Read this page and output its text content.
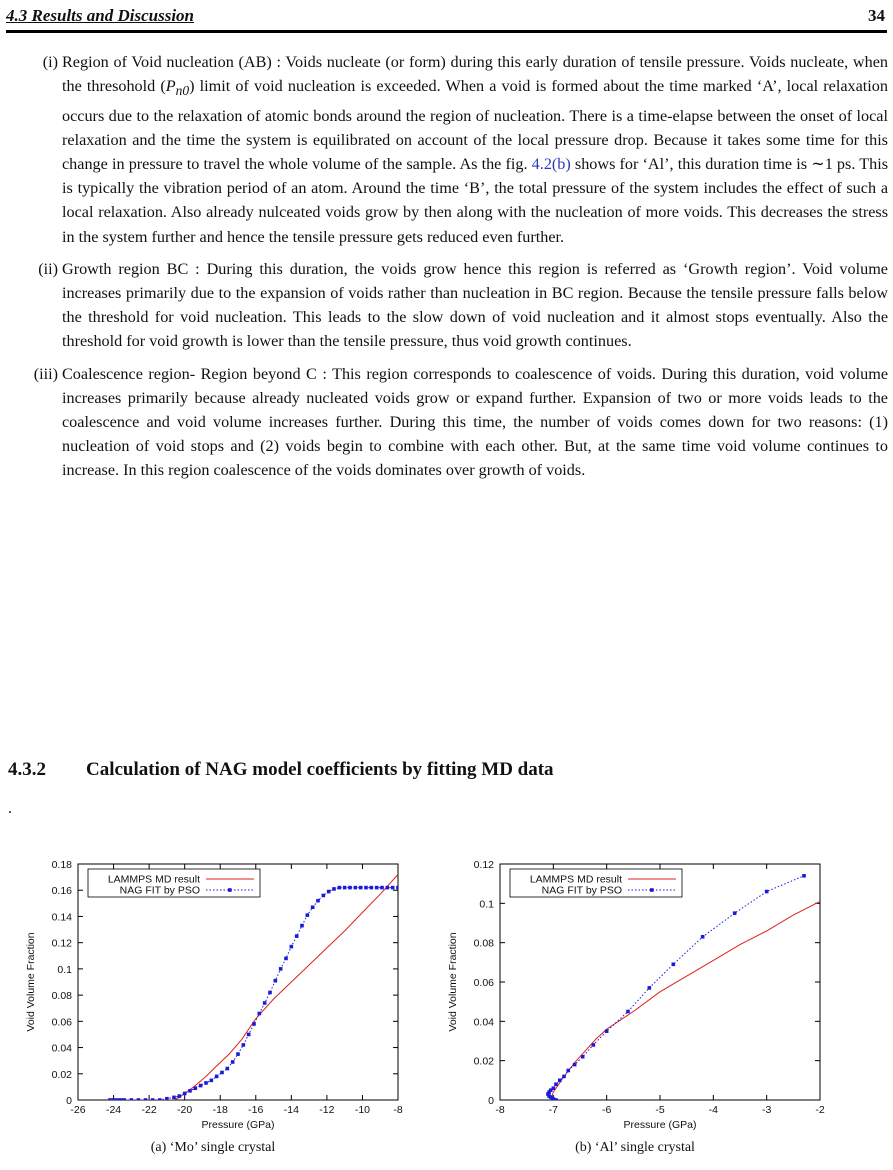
4.3 Results and Discussion	34
(i) Region of Void nucleation (AB) : Voids nucleate (or form) during this early duration of tensile pressure. Voids nucleate, when the thresohold $(P_{n0})$ limit of void nucleation is exceeded. When a void is formed about the time marked ‘A’, local relaxation occurs due to the relaxation of atomic bonds around the region of nucleation. There is a time-elapse between the onset of local relaxation and the time the system is equilibrated on account of the local pressure drop. Because it takes some time for this change in pressure to travel the whole volume of the sample. As the fig. 4.2(b) shows for ‘Al’, this duration time is ∼1 ps. This is typically the vibration period of an atom. Around the time ‘B’, the total pressure of the system includes the effect of such a local relaxation. Also already nulceated voids grow by then along with the nucleation of more voids. This decreases the stress in the system further and hence the tensile pressure gets reduced even further.
(ii) Growth region BC : During this duration, the voids grow hence this region is referred as ‘Growth region’. Void volume increases primarily due to the expansion of voids rather than nucleation in BC region. Because the tensile pressure falls below the threshold for void nucleation. This leads to the slow down of void nucleation and it almost stops eventually. Also the threshold for void growth is lower than the tensile pressure, thus void growth continues.
(iii) Coalescence region- Region beyond C : This region corresponds to coalescence of voids. During this duration, void volume increases primarily because already nucleated voids grow or expand further. Expansion of two or more voids leads to the coalescence and void volume increases further. During this time, the number of voids comes down for two reasons: (1) nucleation of void stops and (2) voids begin to combine with each other. But, at the same time void volume continues to increase. In this region coalescence of the voids dominates over growth of voids.
4.3.2 Calculation of NAG model coefficients by fitting MD data
.
-26 -24 -22 -20 -18 -16 -14 -12 -10 -8
0
0.02
0.04
0.06
0.08
0.1
0.12
0.14
0.16
0.18
Pressure (GPa)
Void Volume Fraction
LAMMPS MD result
NAG FIT by PSO
(a) ‘Mo’ single crystal
-8	-7	-6	-5	-4	-3	-2
0
0.02
0.04
0.06
0.08
0.1
0.12
Pressure (GPa)
Void Volume Fraction
LAMMPS MD result
NAG FIT by PSO
(b) ‘Al’ single crystal
